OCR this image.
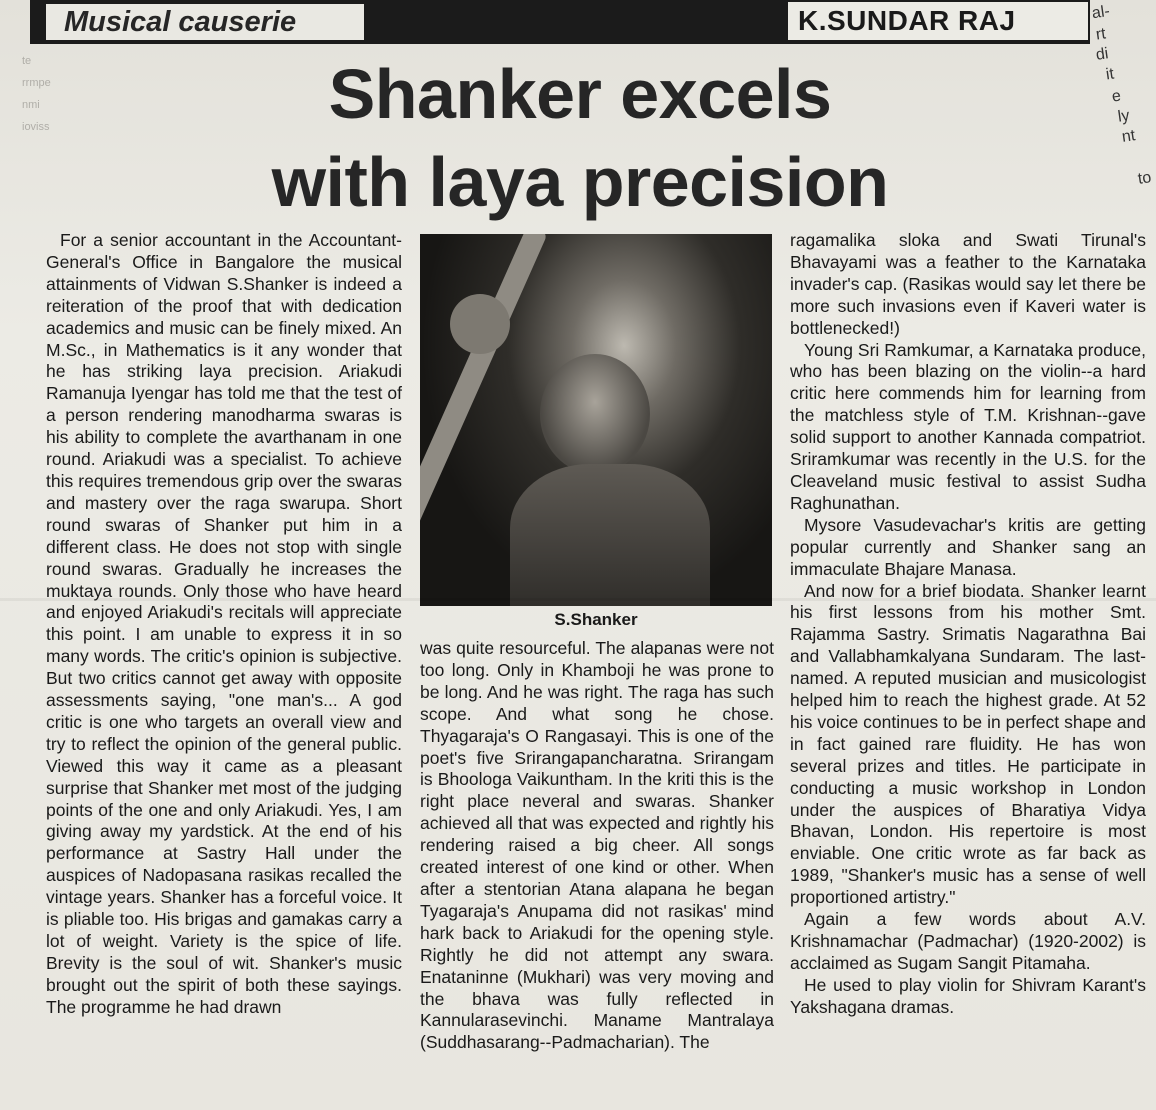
Musical causerie	K.SUNDAR RAJ	al-
rt
di
it
e
ly
nt
to
te
rrmpe
nmi
ioviss	Shanker excels
with laya precision

For a senior accountant in the Accountant-General's Office in Bangalore the musical attainments of Vidwan S.Shanker is indeed a reiteration of the proof that with dedication academics and music can be finely mixed. An M.Sc., in Mathematics is it any wonder that he has striking laya precision. Ariakudi Ramanuja Iyengar has told me that the test of a person rendering manodharma swaras is his ability to complete the avarthanam in one round. Ariakudi was a specialist. To achieve this requires tremendous grip over the swaras and mastery over the raga swarupa. Short round swaras of Shanker put him in a different class. He does not stop with single round swaras. Gradually he increases the muktaya rounds. Only those who have heard and enjoyed Ariakudi's recitals will appreciate this point. I am unable to express it in so many words. The critic's opinion is subjective. But two critics cannot get away with opposite assessments saying, "one man's... A god critic is one who targets an overall view and try to reflect the opinion of the general public. Viewed this way it came as a pleasant surprise that Shanker met most of the judging points of the one and only Ariakudi. Yes, I am giving away my yardstick. At the end of his performance at Sastry Hall under the auspices of Nadopasana rasikas recalled the vintage years. Shanker has a forceful voice. It is pliable too. His brigas and gamakas carry a lot of weight. Variety is the spice of life. Brevity is the soul of wit. Shanker's music brought out the spirit of both these sayings. The programme he had drawn

S.Shanker

was quite resourceful. The alapanas were not too long. Only in Khamboji he was prone to be long. And he was right. The raga has such scope. And what song he chose. Thyagaraja's O Rangasayi. This is one of the poet's five Srirangapancharatna. Srirangam is Bhoologa Vaikuntham. In the kriti this is the right place neveral and swaras. Shanker achieved all that was expected and rightly his rendering raised a big cheer. All songs created interest of one kind or other. When after a stentorian Atana alapana he began Tyagaraja's Anupama did not rasikas' mind hark back to Ariakudi for the opening style. Rightly he did not attempt any swara. Enataninne (Mukhari) was very moving and the bhava was fully reflected in Kannularasevinchi. Maname Mantralaya (Suddhasarang--Padmacharian). The

ragamalika sloka and Swati Tirunal's Bhavayami was a feather to the Karnataka invader's cap. (Rasikas would say let there be more such invasions even if Kaveri water is bottlenecked!)

Young Sri Ramkumar, a Karnataka produce, who has been blazing on the violin--a hard critic here commends him for learning from the matchless style of T.M. Krishnan--gave solid support to another Kannada compatriot. Sriramkumar was recently in the U.S. for the Cleaveland music festival to assist Sudha Raghunathan.

Mysore Vasudevachar's kritis are getting popular currently and Shanker sang an immaculate Bhajare Manasa.

And now for a brief biodata. Shanker learnt his first lessons from his mother Smt. Rajamma Sastry. Srimatis Nagarathna Bai and Vallabhamkalyana Sundaram. The last-named. A reputed musician and musicologist helped him to reach the highest grade. At 52 his voice continues to be in perfect shape and in fact gained rare fluidity. He has won several prizes and titles. He participate in conducting a music workshop in London under the auspices of Bharatiya Vidya Bhavan, London. His repertoire is most enviable. One critic wrote as far back as 1989, "Shanker's music has a sense of well proportioned artistry."

Again a few words about A.V. Krishnamachar (Padmachar) (1920-2002) is acclaimed as Sugam Sangit Pitamaha.

He used to play violin for Shivram Karant's Yakshagana dramas.
